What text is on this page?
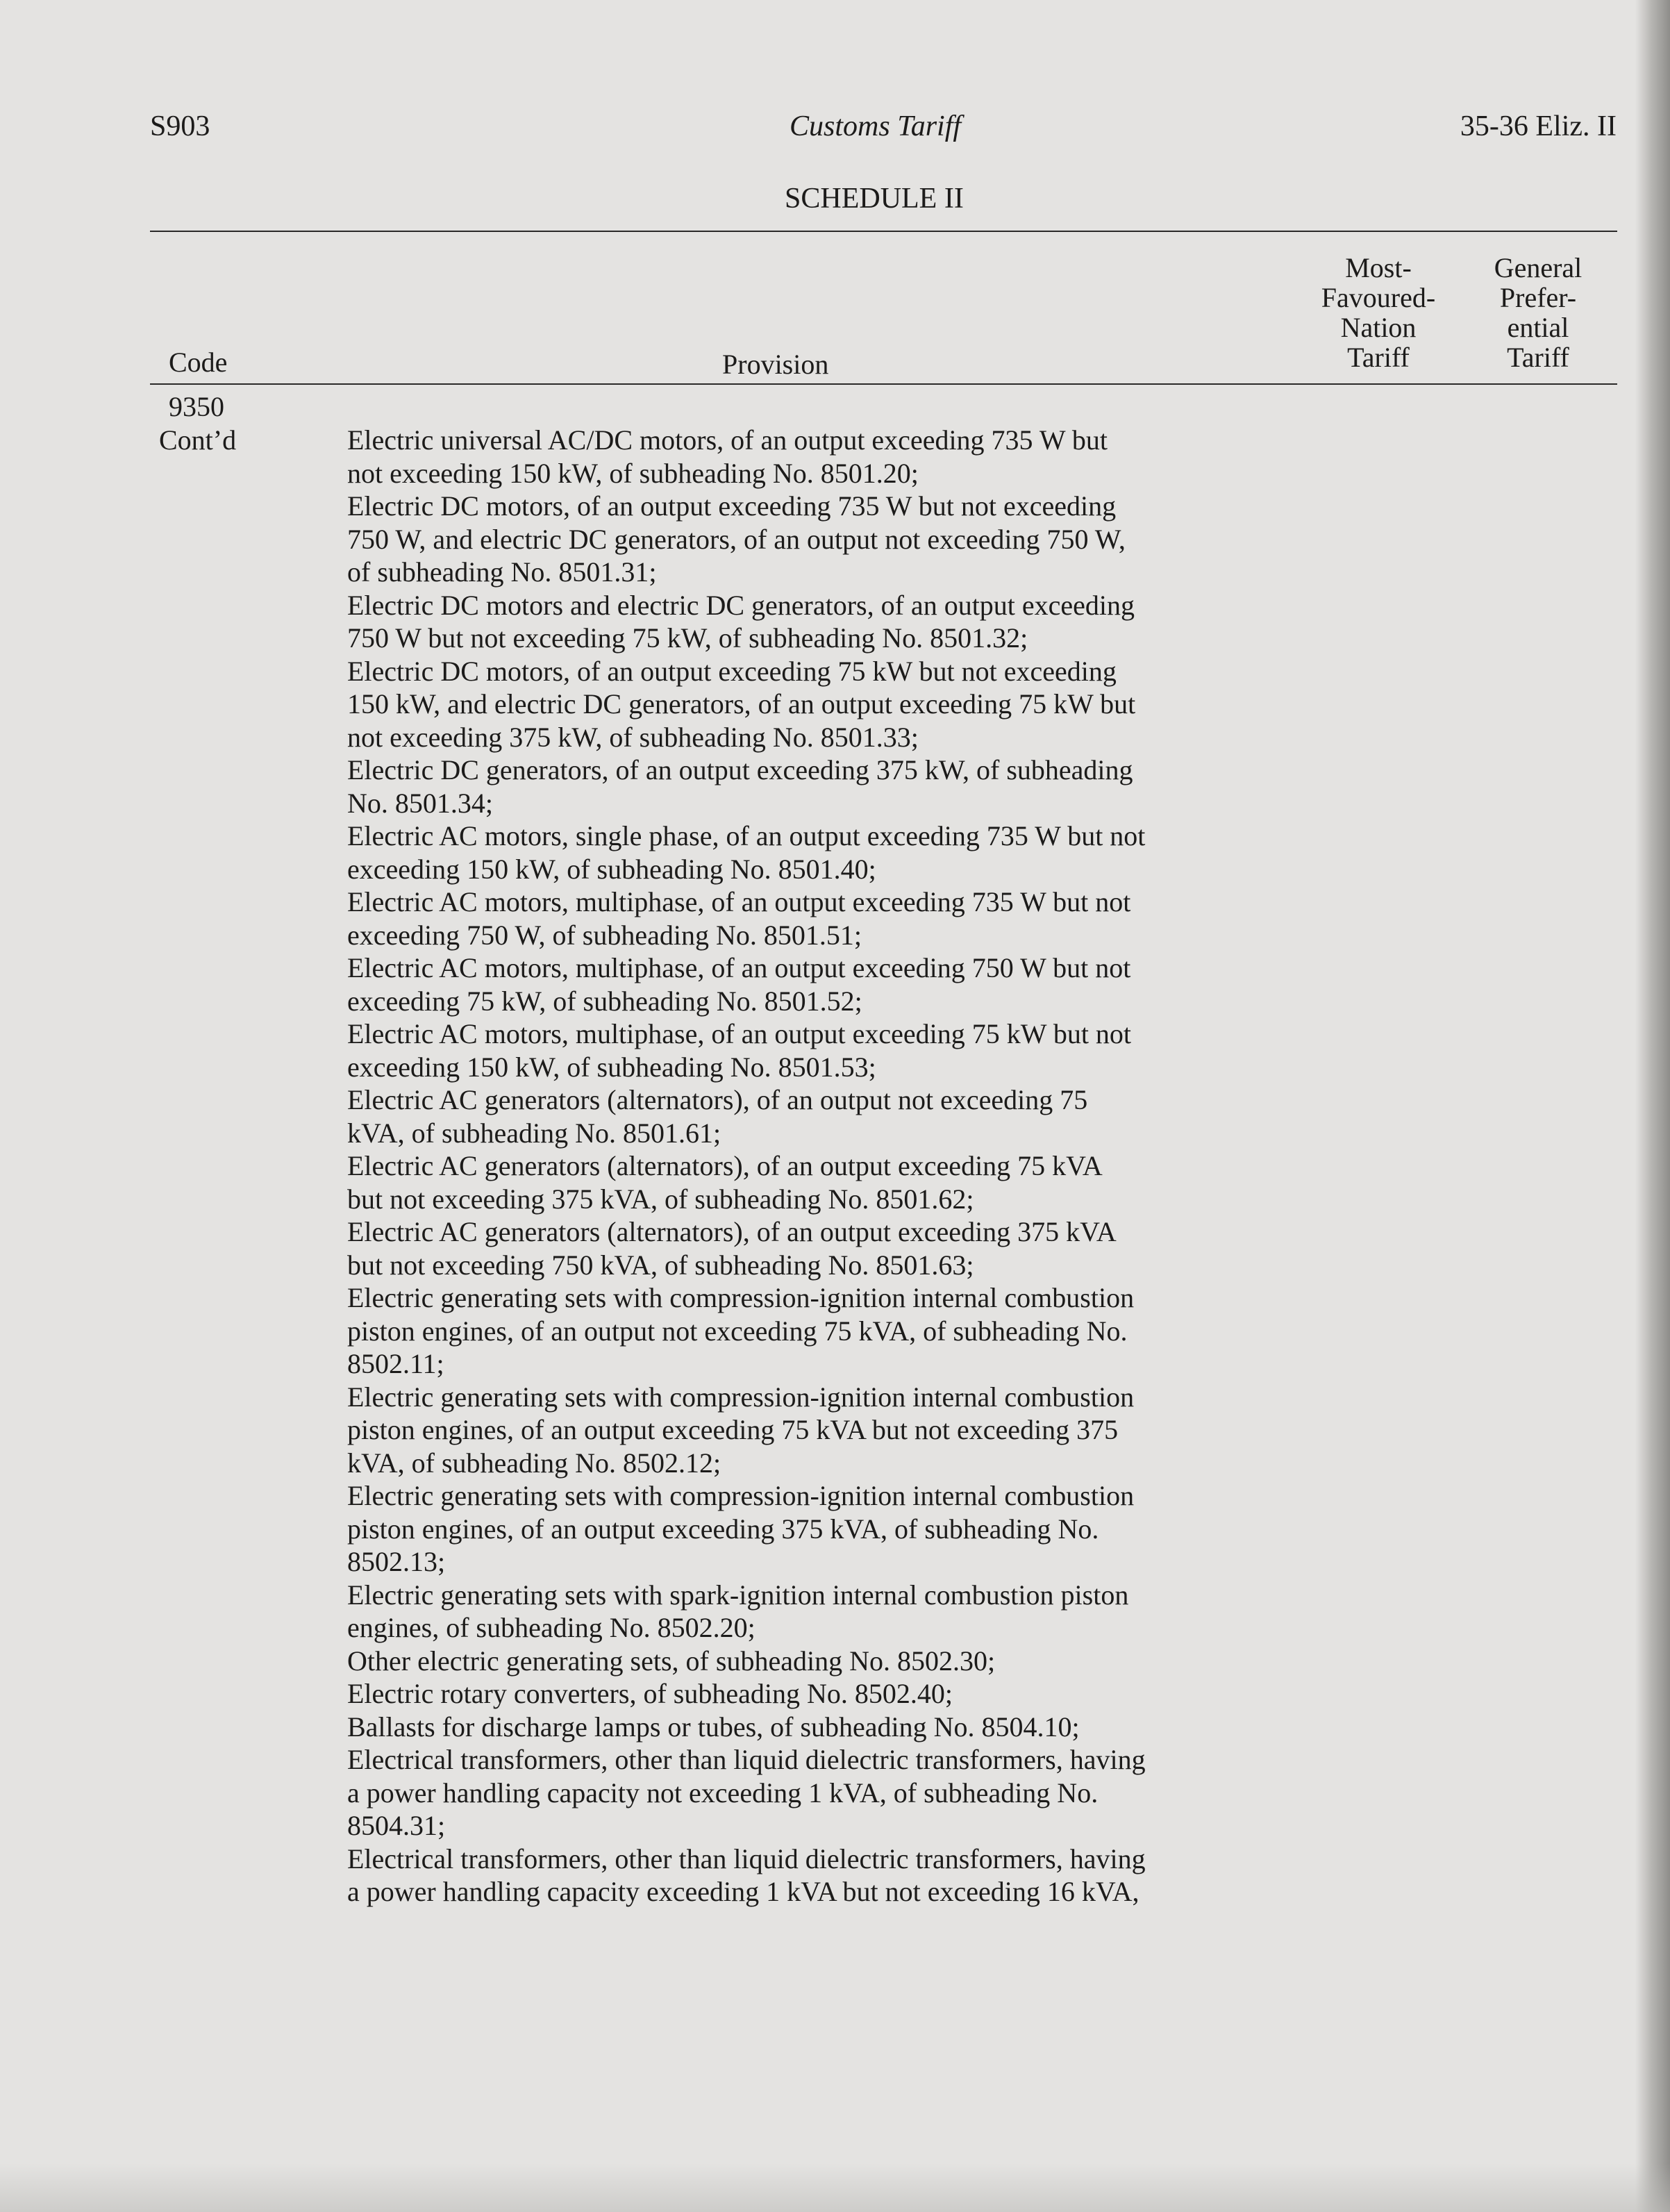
S903	Customs Tariff	35-36 Eliz. II
SCHEDULE II
Code	Provision
Most-
Favoured-
Nation
Tariff
General
Prefer-
ential
Tariff
9350
Cont’d	Electric universal AC/DC motors, of an output exceeding 735 W but
not exceeding 150 kW, of subheading No. 8501.20;
Electric DC motors, of an output exceeding 735 W but not exceeding
750 W, and electric DC generators, of an output not exceeding 750 W,
of subheading No. 8501.31;
Electric DC motors and electric DC generators, of an output exceeding
750 W but not exceeding 75 kW, of subheading No. 8501.32;
Electric DC motors, of an output exceeding 75 kW but not exceeding
150 kW, and electric DC generators, of an output exceeding 75 kW but
not exceeding 375 kW, of subheading No. 8501.33;
Electric DC generators, of an output exceeding 375 kW, of subheading
No. 8501.34;
Electric AC motors, single phase, of an output exceeding 735 W but not
exceeding 150 kW, of subheading No. 8501.40;
Electric AC motors, multiphase, of an output exceeding 735 W but not
exceeding 750 W, of subheading No. 8501.51;
Electric AC motors, multiphase, of an output exceeding 750 W but not
exceeding 75 kW, of subheading No. 8501.52;
Electric AC motors, multiphase, of an output exceeding 75 kW but not
exceeding 150 kW, of subheading No. 8501.53;
Electric AC generators (alternators), of an output not exceeding 75
kVA, of subheading No. 8501.61;
Electric AC generators (alternators), of an output exceeding 75 kVA
but not exceeding 375 kVA, of subheading No. 8501.62;
Electric AC generators (alternators), of an output exceeding 375 kVA
but not exceeding 750 kVA, of subheading No. 8501.63;
Electric generating sets with compression-ignition internal combustion
piston engines, of an output not exceeding 75 kVA, of subheading No.
8502.11;
Electric generating sets with compression-ignition internal combustion
piston engines, of an output exceeding 75 kVA but not exceeding 375
kVA, of subheading No. 8502.12;
Electric generating sets with compression-ignition internal combustion
piston engines, of an output exceeding 375 kVA, of subheading No.
8502.13;
Electric generating sets with spark-ignition internal combustion piston
engines, of subheading No. 8502.20;
Other electric generating sets, of subheading No. 8502.30;
Electric rotary converters, of subheading No. 8502.40;
Ballasts for discharge lamps or tubes, of subheading No. 8504.10;
Electrical transformers, other than liquid dielectric transformers, having
a power handling capacity not exceeding 1 kVA, of subheading No.
8504.31;
Electrical transformers, other than liquid dielectric transformers, having
a power handling capacity exceeding 1 kVA but not exceeding 16 kVA,
